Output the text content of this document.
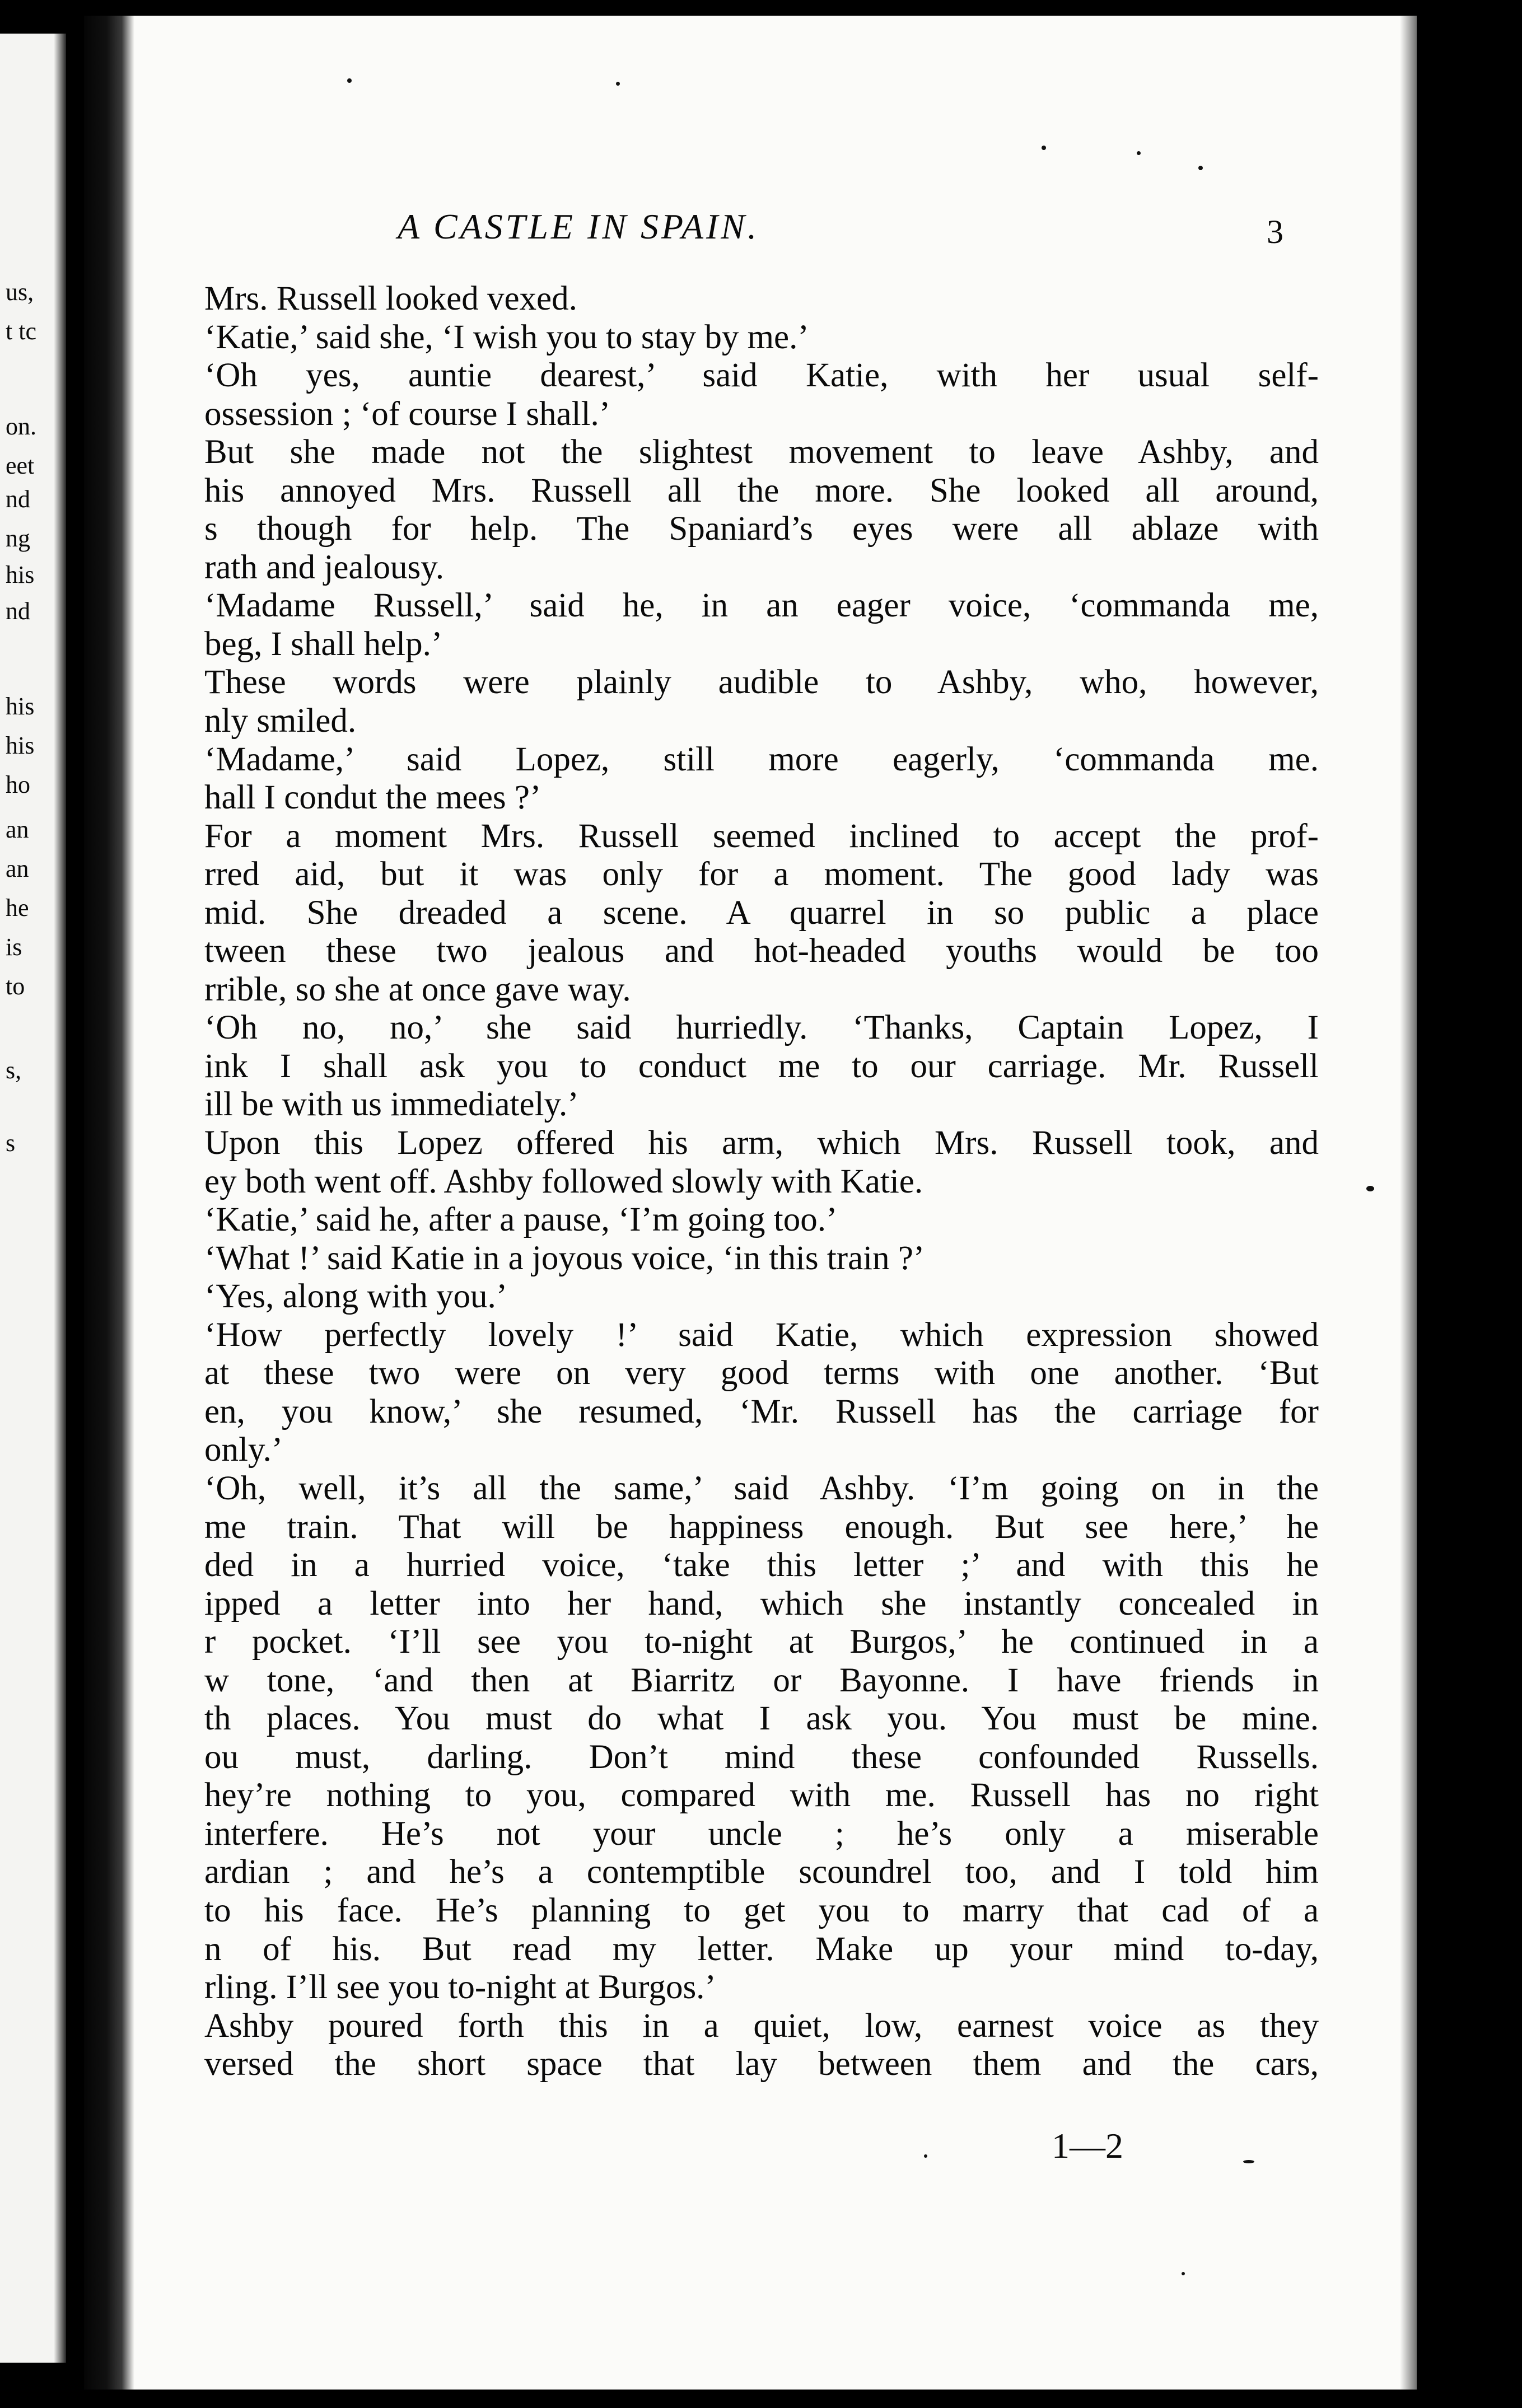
us,
t tc
on.
eet
nd
ng
his
nd
his
his
ho
an
an
he
is
to
s,
s
A CASTLE IN SPAIN.	3
Mrs. Russell looked vexed.
‘Katie,’ said she, ‘I wish you to stay by me.’
‘Oh yes, auntie dearest,’ said Katie, with her usual self-
ossession ; ‘of course I shall.’
But she made not the slightest movement to leave Ashby, and
his annoyed Mrs. Russell all the more. She looked all around,
s though for help. The Spaniard’s eyes were all ablaze with
rath and jealousy.
‘Madame Russell,’ said he, in an eager voice, ‘commanda me,
beg, I shall help.’
These words were plainly audible to Ashby, who, however,
nly smiled.
‘Madame,’ said Lopez, still more eagerly, ‘commanda me.
hall I condut the mees ?’
For a moment Mrs. Russell seemed inclined to accept the prof-
rred aid, but it was only for a moment. The good lady was
mid. She dreaded a scene. A quarrel in so public a place
tween these two jealous and hot-headed youths would be too
rrible, so she at once gave way.
‘Oh no, no,’ she said hurriedly. ‘Thanks, Captain Lopez, I
ink I shall ask you to conduct me to our carriage. Mr. Russell
ill be with us immediately.’
Upon this Lopez offered his arm, which Mrs. Russell took, and
ey both went off. Ashby followed slowly with Katie.
‘Katie,’ said he, after a pause, ‘I’m going too.’
‘What !’ said Katie in a joyous voice, ‘in this train ?’
‘Yes, along with you.’
‘How perfectly lovely !’ said Katie, which expression showed
at these two were on very good terms with one another. ‘But
en, you know,’ she resumed, ‘Mr. Russell has the carriage for
only.’
‘Oh, well, it’s all the same,’ said Ashby. ‘I’m going on in the
me train. That will be happiness enough. But see here,’ he
ded in a hurried voice, ‘take this letter ;’ and with this he
ipped a letter into her hand, which she instantly concealed in
r pocket. ‘I’ll see you to-night at Burgos,’ he continued in a
w tone, ‘and then at Biarritz or Bayonne. I have friends in
th places. You must do what I ask you. You must be mine.
ou must, darling. Don’t mind these confounded Russells.
hey’re nothing to you, compared with me. Russell has no right
interfere. He’s not your uncle ; he’s only a miserable
ardian ; and he’s a contemptible scoundrel too, and I told him
to his face. He’s planning to get you to marry that cad of a
n of his. But read my letter. Make up your mind to-day,
rling. I’ll see you to-night at Burgos.’
Ashby poured forth this in a quiet, low, earnest voice as they
versed the short space that lay between them and the cars,
1—2
